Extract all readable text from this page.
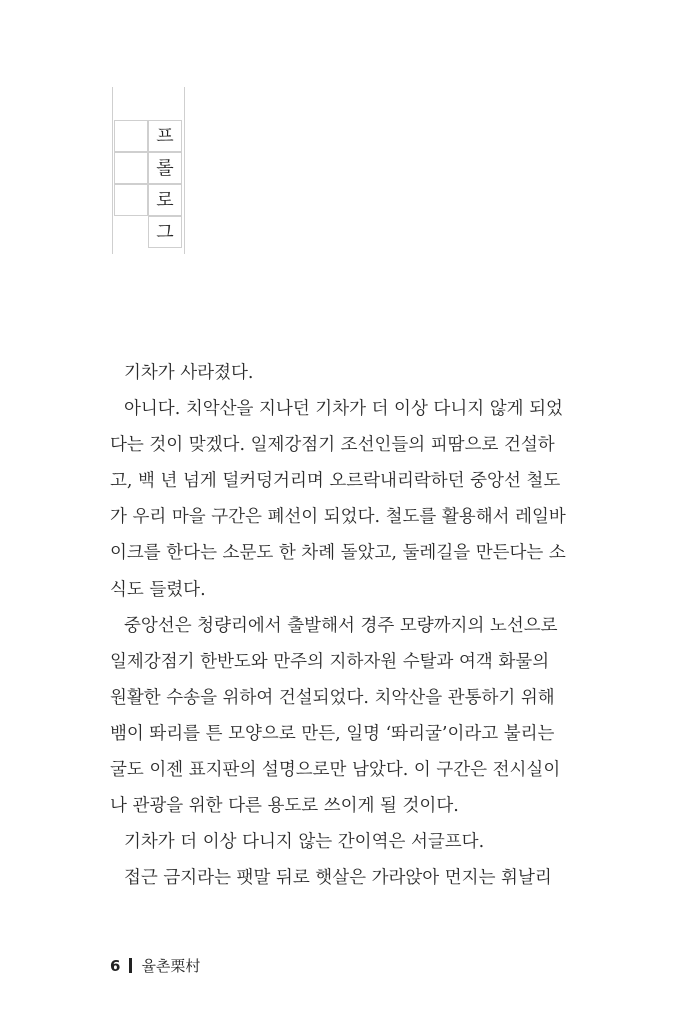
프
롤
로
그

기차가 사라졌다.

아니다. 치악산을 지나던 기차가 더 이상 다니지 않게 되었
다는 것이 맞겠다. 일제강점기 조선인들의 피땀으로 건설하
고, 백 년 넘게 덜커덩거리며 오르락내리락하던 중앙선 철도
가 우리 마을 구간은 폐선이 되었다. 철도를 활용해서 레일바
이크를 한다는 소문도 한 차례 돌았고, 둘레길을 만든다는 소
식도 들렸다.

중앙선은 청량리에서 출발해서 경주 모량까지의 노선으로
일제강점기 한반도와 만주의 지하자원 수탈과 여객 화물의
원활한 수송을 위하여 건설되었다. 치악산을 관통하기 위해
뱀이 똬리를 튼 모양으로 만든, 일명 ‘똬리굴’이라고 불리는
굴도 이젠 표지판의 설명으로만 남았다. 이 구간은 전시실이
나 관광을 위한 다른 용도로 쓰이게 될 것이다.

기차가 더 이상 다니지 않는 간이역은 서글프다.

접근 금지라는 팻말 뒤로 햇살은 가라앉아 먼지는 휘날리

6 율촌栗村
